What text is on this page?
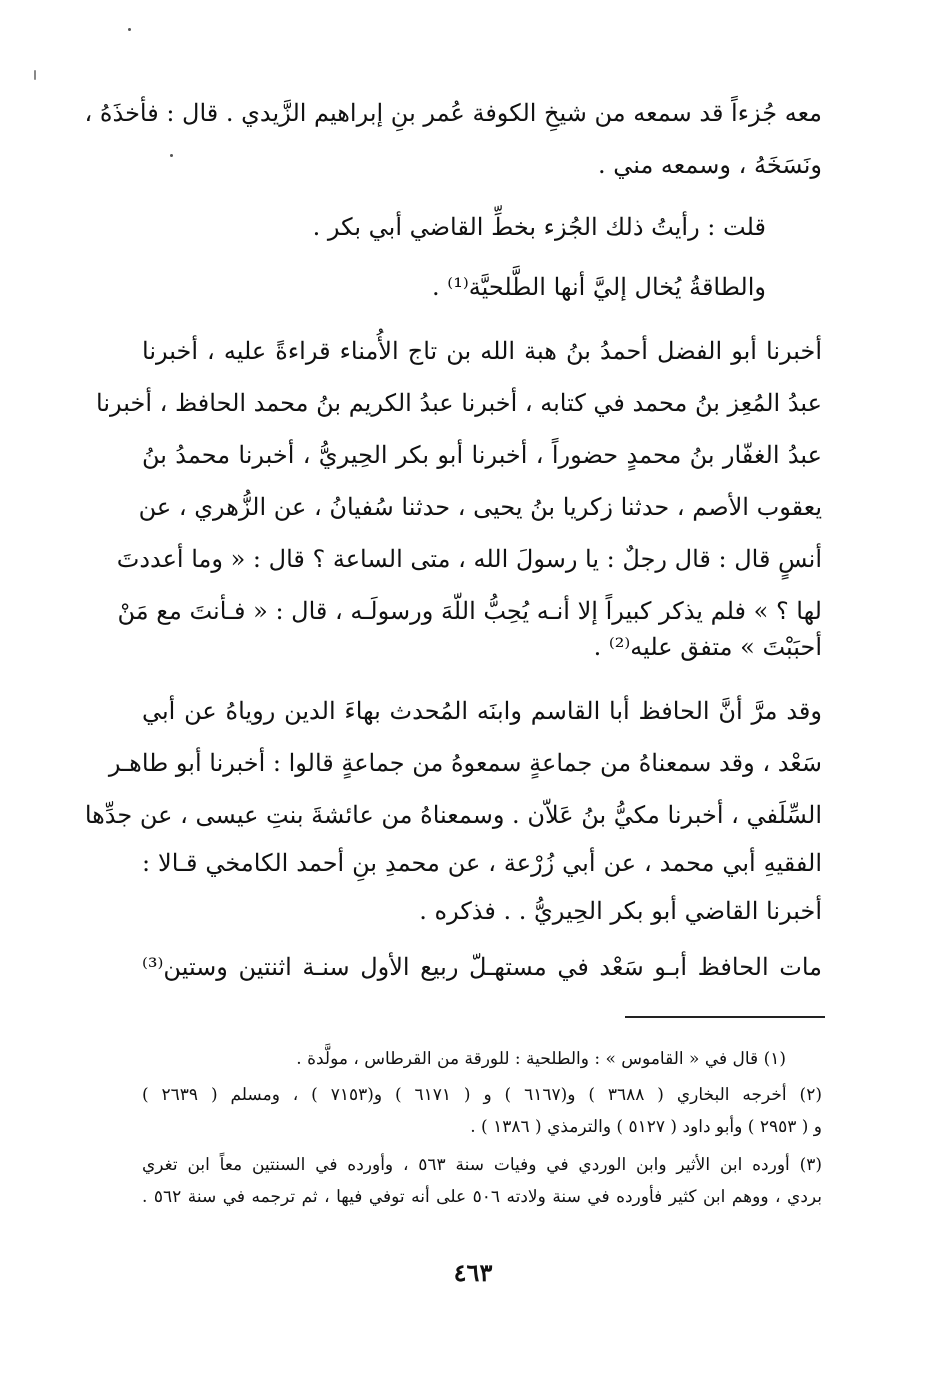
معه جُزءاً قد سمعه من شيخِ الكوفة عُمر بنِ إبراهيم الزَّيدي . قال : فأخذَهُ ،
ونَسَخَهُ ، وسمعه مني .
قلت : رأيتُ ذلك الجُزء بخطِّ القاضي أبي بكر .
والطاقةُ يُخال إليَّ أنها الطَّلحيَّة⁽¹⁾ .
أخبرنا أبو الفضل أحمدُ بنُ هبة الله بن تاج الأُمناء قراءةً عليه ، أخبرنا
عبدُ المُعِز بنُ محمد في كتابه ، أخبرنا عبدُ الكريم بنُ محمد الحافظ ، أخبرنا
عبدُ الغفّار بنُ محمدٍ حضوراً ، أخبرنا أبو بكر الحِيريُّ ، أخبرنا محمدُ بنُ
يعقوب الأصم ، حدثنا زكريا بنُ يحيى ، حدثنا سُفيانُ ، عن الزُّهري ، عن
أنسٍ قال : قال رجلٌ : يا رسولَ الله ، متى الساعة ؟ قال : « وما أعددتَ
لها ؟ » فلم يذكر كبيراً إلا أنـه يُحِبُّ اللّهَ ورسولَـه ، قال : « فـأنتَ مع مَنْ
أحبَبْتَ » متفق عليه⁽²⁾ .
وقد مرَّ أنَّ الحافظ أبا القاسم وابنَه المُحدث بهاءَ الدين روياهُ عن أبي
سَعْد ، وقد سمعناهُ من جماعةٍ سمعوهُ من جماعةٍ قالوا : أخبرنا أبو طاهـر
السِّلَفي ، أخبرنا مكيُّ بنُ عَلاّن . وسمعناهُ من عائشةَ بنتِ عيسى ، عن جدِّها
الفقيهِ أبي محمد ، عن أبي زُرْعة ، عن محمدِ بنِ أحمد الكامخي قـالا :
أخبرنا القاضي أبو بكر الحِيريُّ . . فذكره .
مات الحافظ أبـو سَعْد في مستهـلّ ربيع الأول سنـة اثنتين وستين⁽³⁾
(١) قال في « القاموس » : والطلحية : للورقة من القرطاس ، مولَّدة .
(٢) أخرجه البخاري ( ٣٦٨٨ ) و(٦١٦٧ ) و ( ٦١٧١ ) و(٧١٥٣ ) ، ومسلم ( ٢٦٣٩ )
و ( ٢٩٥٣ ) وأبو داود ( ٥١٢٧ ) والترمذي ( ١٣٨٦ ) .
(٣) أورده ابن الأثير وابن الوردي في وفيات سنة ٥٦٣ ، وأورده في السنتين معاً ابن تغري
بردي ، ووهم ابن كثير فأورده في سنة ولادته ٥٠٦ على أنه توفي فيها ، ثم ترجمه في سنة ٥٦٢ .
٤٦٣
